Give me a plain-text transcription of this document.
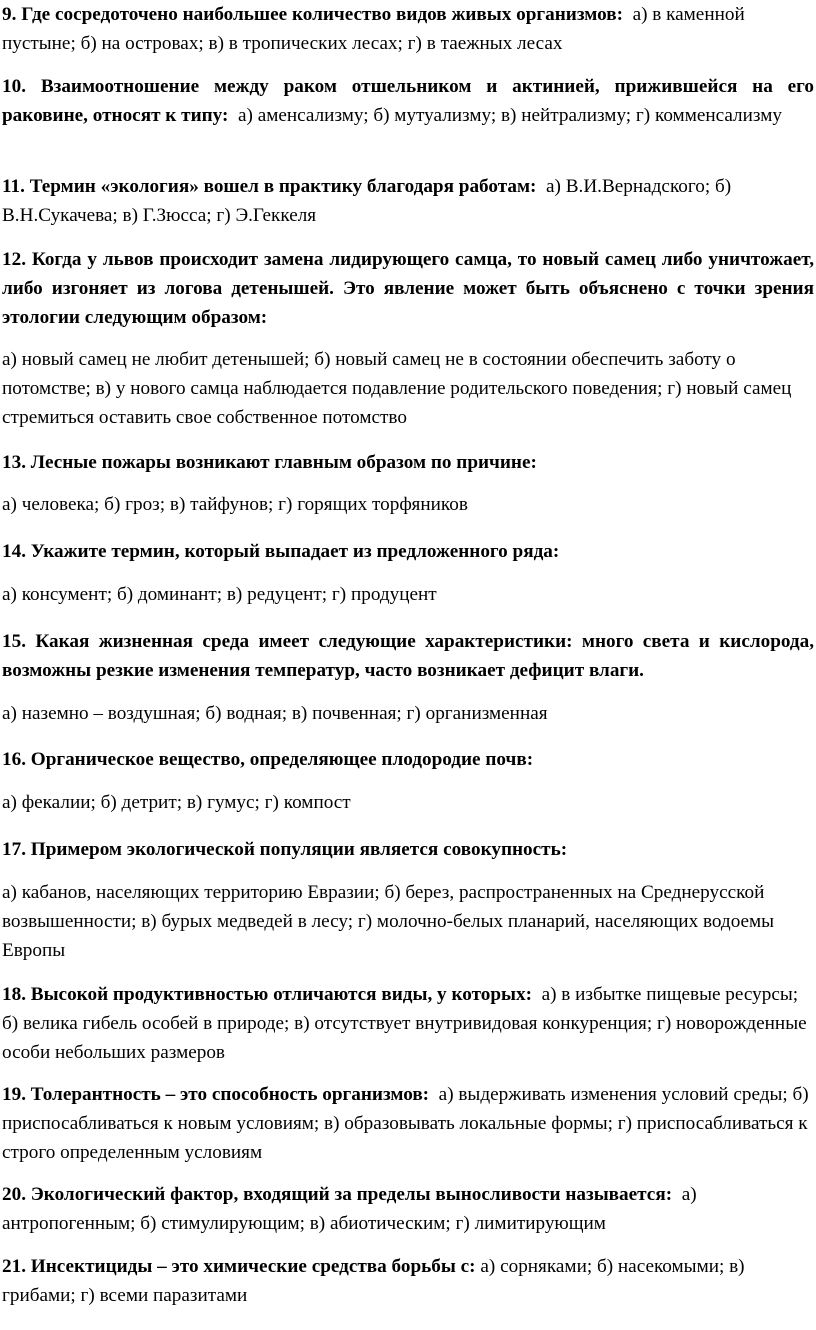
9. Где сосредоточено наибольшее количество видов живых организмов: а) в каменной пустыне; б) на островах; в) в тропических лесах; г) в таежных лесах

10. Взаимоотношение между раком отшельником и актинией, прижившейся на его раковине, относят к типу: а) аменсализму; б) мутуализму; в) нейтрализму; г) комменсализму

11. Термин «экология» вошел в практику благодаря работам: а) В.И.Вернадского; б) В.Н.Сукачева; в) Г.Зюсса; г) Э.Геккеля

12. Когда у львов происходит замена лидирующего самца, то новый самец либо уничтожает, либо изгоняет из логова детенышей. Это явление может быть объяснено с точки зрения этологии следующим образом:

а) новый самец не любит детенышей; б) новый самец не в состоянии обеспечить заботу о потомстве; в) у нового самца наблюдается подавление родительского поведения; г) новый самец стремиться оставить свое собственное потомство

13. Лесные пожары возникают главным образом по причине:

а) человека; б) гроз; в) тайфунов; г) горящих торфяников

14. Укажите термин, который выпадает из предложенного ряда:

а) консумент; б) доминант; в) редуцент; г) продуцент

15. Какая жизненная среда имеет следующие характеристики: много света и кислорода, возможны резкие изменения температур, часто возникает дефицит влаги.

а) наземно – воздушная; б) водная; в) почвенная; г) организменная

16. Органическое вещество, определяющее плодородие почв:

а) фекалии; б) детрит; в) гумус; г) компост

17. Примером экологической популяции является совокупность:

а) кабанов, населяющих территорию Евразии; б) берез, распространенных на Среднерусской возвышенности; в) бурых медведей в лесу; г) молочно-белых планарий, населяющих водоемы Европы

18. Высокой продуктивностью отличаются виды, у которых: а) в избытке пищевые ресурсы; б) велика гибель особей в природе; в) отсутствует внутривидовая конкуренция; г) новорожденные особи небольших размеров

19. Толерантность – это способность организмов: а) выдерживать изменения условий среды; б) приспосабливаться к новым условиям; в) образовывать локальные формы; г) приспосабливаться к строго определенным условиям

20. Экологический фактор, входящий за пределы выносливости называется: а) антропогенным; б) стимулирующим; в) абиотическим; г) лимитирующим

21. Инсектициды – это химические средства борьбы с: а) сорняками; б) насекомыми; в) грибами; г) всеми паразитами
